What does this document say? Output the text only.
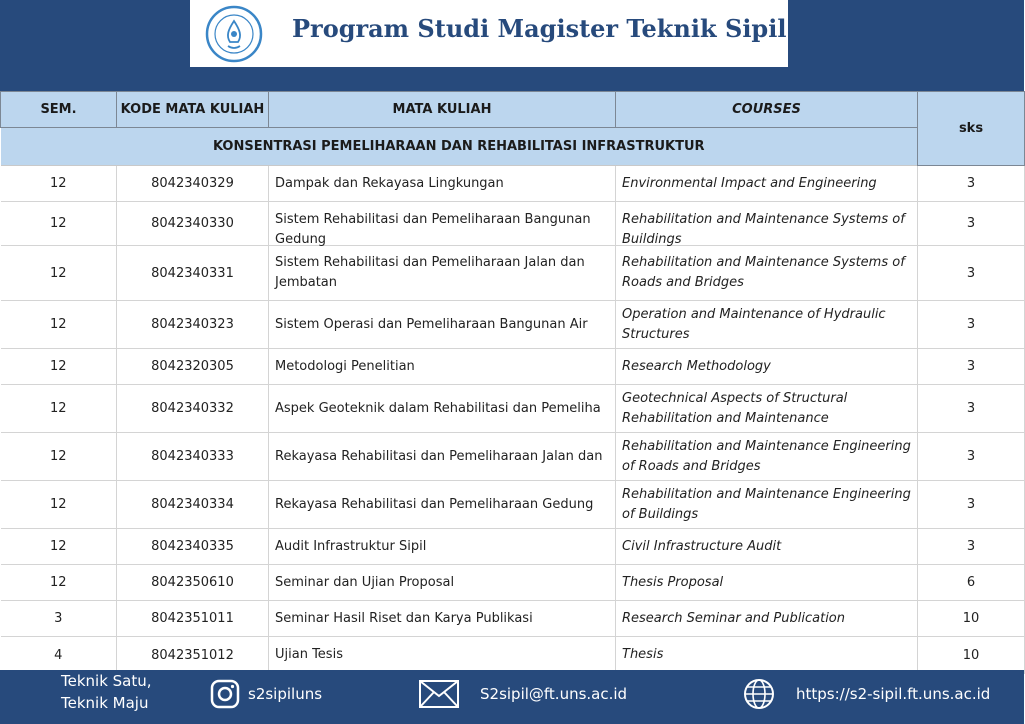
Program Studi Magister Teknik Sipil
SEM.	KODE MATA KULIAH	MATA KULIAH	COURSES	sks
KONSENTRASI PEMELIHARAAN DAN REHABILITASI INFRASTRUKTUR				

12	8042340329	Dampak dan Rekayasa Lingkungan	Environmental Impact and Engineering	3

12	8042340330	Sistem Rehabilitasi dan Pemeliharaan Bangunan Gedung	Rehabilitation and Maintenance Systems of Buildings	3

12	8042340331	Sistem Rehabilitasi dan Pemeliharaan Jalan dan Jembatan	Rehabilitation and Maintenance Systems of Roads and Bridges	3

12	8042340323	Sistem Operasi dan Pemeliharaan Bangunan Air	Operation and Maintenance of Hydraulic Structures	3

12	8042320305	Metodologi Penelitian	Research Methodology	3

12	8042340332	Aspek Geoteknik dalam Rehabilitasi dan Pemeliha	Geotechnical Aspects of Structural Rehabilitation and Maintenance	3

12	8042340333	Rekayasa Rehabilitasi dan Pemeliharaan Jalan dan	Rehabilitation and Maintenance Engineering of Roads and Bridges	3

12	8042340334	Rekayasa Rehabilitasi dan Pemeliharaan Gedung	Rehabilitation and Maintenance Engineering of Buildings	3

12	8042340335	Audit Infrastruktur Sipil	Civil Infrastructure Audit	3

12	8042350610	Seminar dan Ujian Proposal	Thesis Proposal	6

3	8042351011	Seminar Hasil Riset dan Karya Publikasi	Research Seminar and Publication	10

4	8042351012	Ujian Tesis	Thesis	10
Teknik Satu,
Teknik Maju	s2sipiluns	S2sipil@ft.uns.ac.id	https://s2-sipil.ft.uns.ac.id
